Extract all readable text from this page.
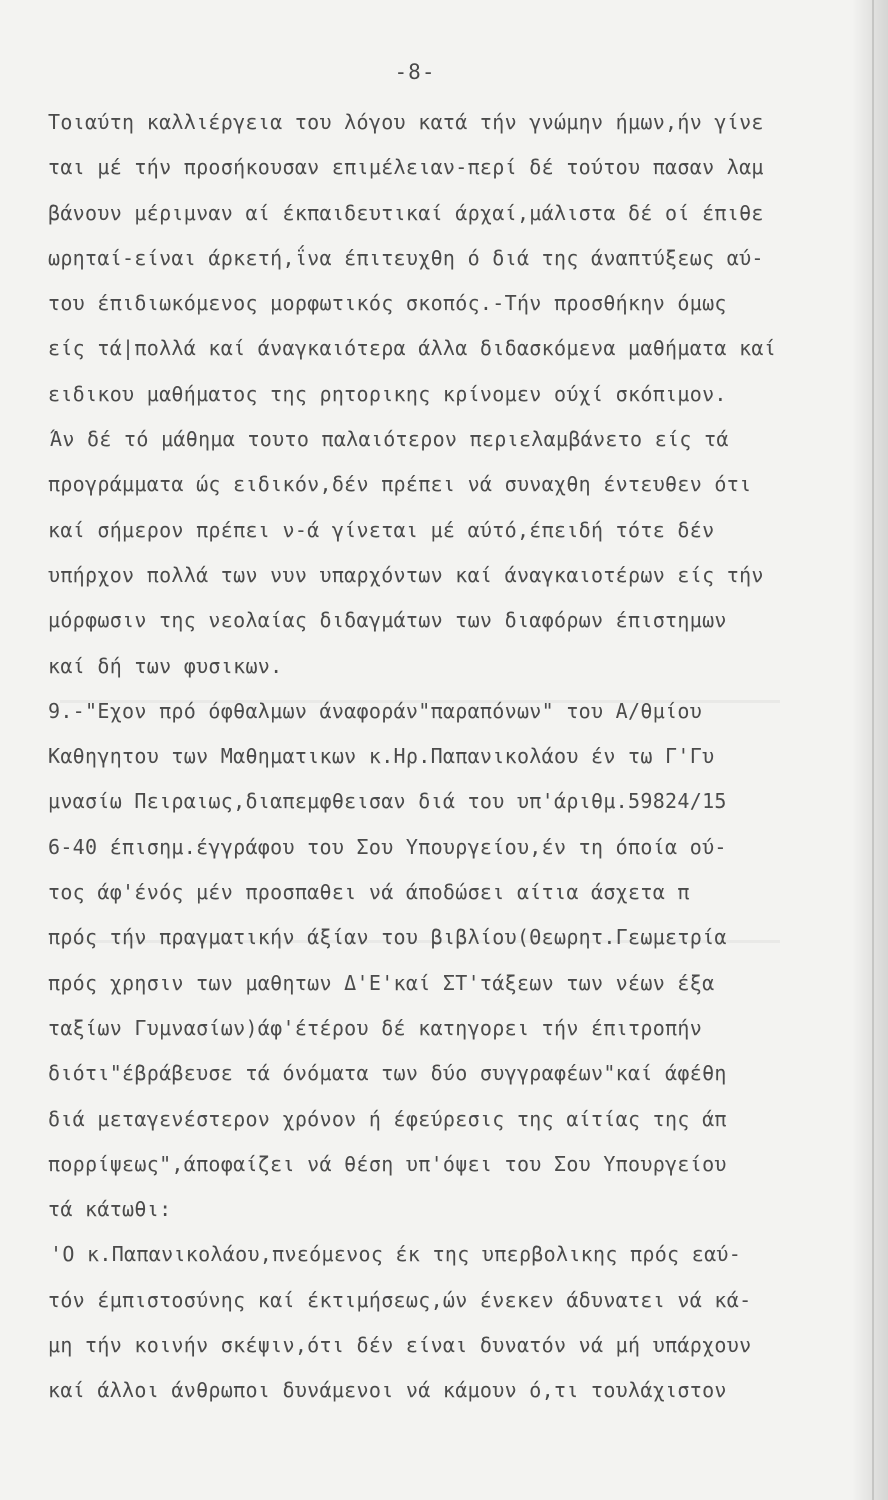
-8-
Τοιαύτη καλλιέργεια του λόγου κατά τήν γνώμην ήμων,ήν γίνε
ται μέ τήν προσήκουσαν επιμέλειαν-περί δέ τούτου πασαν λαμ
βάνουν μέριμναν αί έκπαιδευτικαί άρχαί,μάλιστα δέ οί έπιθε
ωρηταί-είναι άρκετή,ΐνα έπιτευχθη ό διά της άναπτύξεως αύ-
του έπιδιωκόμενος μορφωτικός σκοπός.-Τήν προσθήκην όμως
είς τά|πολλά καί άναγκαιότερα άλλα διδασκόμενα μαθήματα καί
ειδικου μαθήματος της ρητορικης κρίνομεν ούχί σκόπιμον.
Άν δέ τό μάθημα τουτο παλαιότερον περιελαμβάνετο είς τά
προγράμματα ώς ειδικόν,δέν πρέπει νά συναχθη έντευθεν ότι
καί σήμερον πρέπει ν-ά γίνεται μέ αύτό,έπειδή τότε δέν
υπήρχον πολλά των νυν υπαρχόντων καί άναγκαιοτέρων είς τήν
μόρφωσιν της νεολαίας διδαγμάτων των διαφόρων έπιστημων
καί δή των φυσικων.
9.-"Εχον πρό όφθαλμων άναφοράν"παραπόνων" του Α/θμίου
Καθηγητου των Μαθηματικων κ.Ηρ.Παπανικολάου έν τω Γ'Γυ
μνασίω Πειραιως,διαπεμφθεισαν διά του υπ'άριθμ.59824/15
6-40 έπισημ.έγγράφου του Σου Υπουργείου,έν τη όποία ού-
τος άφ'ένός μέν προσπαθει νά άποδώσει αίτια άσχετα π
πρός τήν πραγματικήν άξίαν του βιβλίου(Θεωρητ.Γεωμετρία
πρός χρησιν των μαθητων Δ'Ε'καί ΣΤ'τάξεων των νέων έξα
ταξίων Γυμνασίων)άφ'έτέρου δέ κατηγορει τήν έπιτροπήν
διότι"έβράβευσε τά όνόματα των δύο συγγραφέων"καί άφέθη
διά μεταγενέστερον χρόνον ή έφεύρεσις της αίτίας της άπ
πορρίψεως",άποφαίζει νά θέση υπ'όψει του Σου Υπουργείου
τά κάτωθι:
'Ο κ.Παπανικολάου,πνεόμενος έκ της υπερβολικης πρός εαύ-
τόν έμπιστοσύνης καί έκτιμήσεως,ών ένεκεν άδυνατει νά κά-
μη τήν κοινήν σκέψιν,ότι δέν είναι δυνατόν νά μή υπάρχουν
καί άλλοι άνθρωποι δυνάμενοι νά κάμουν ό,τι τουλάχιστον
